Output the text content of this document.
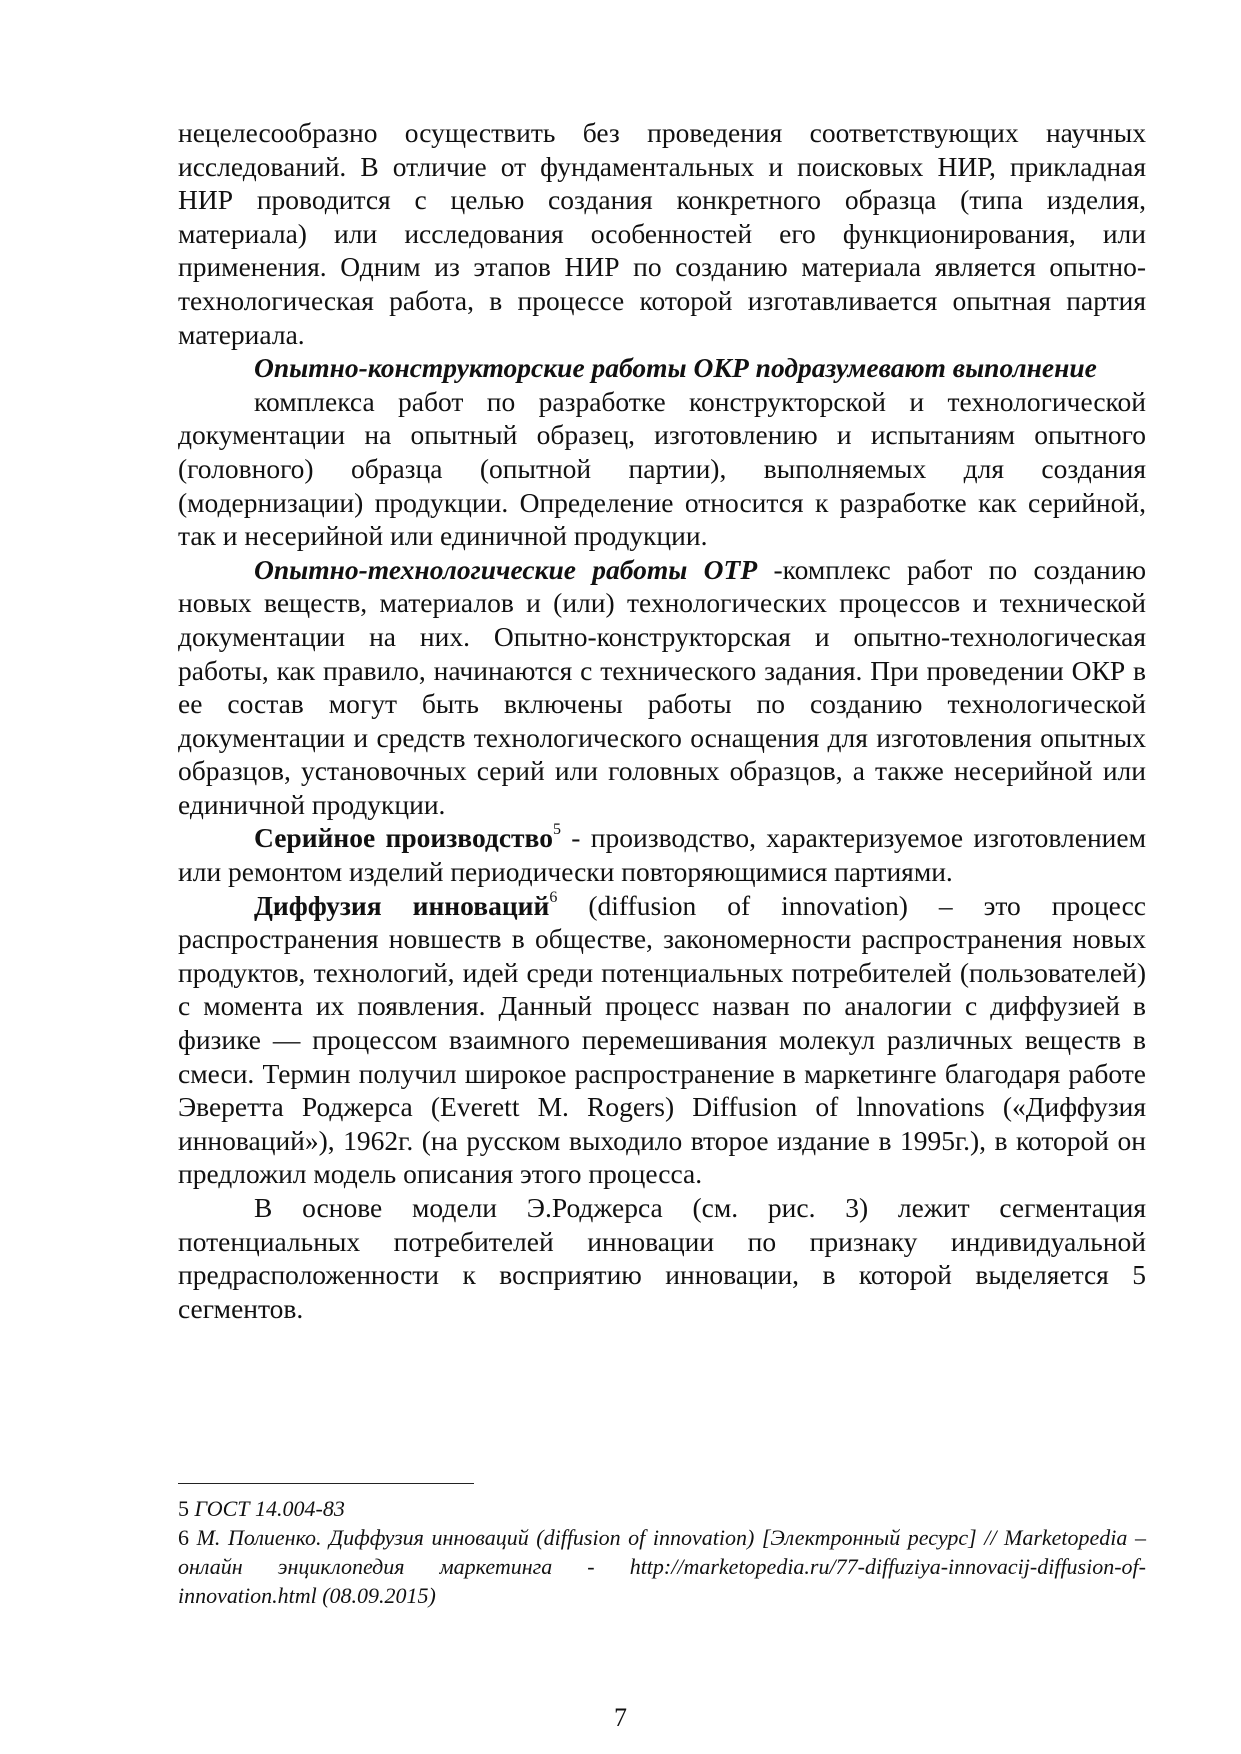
нецелесообразно осуществить без проведения соответствующих научных исследований. В отличие от фундаментальных и поисковых НИР, прикладная НИР проводится с целью создания конкретного образца (типа изделия, материала) или исследования особенностей его функционирования, или применения. Одним из этапов НИР по созданию материала является опытно-технологическая работа, в процессе которой изготавливается опытная партия материала.

Опытно-конструкторские работы ОКР подразумевают выполнение

комплекса работ по разработке конструкторской и технологической документации на опытный образец, изготовлению и испытаниям опытного (головного) образца (опытной партии), выполняемых для создания (модернизации) продукции. Определение относится к разработке как серийной, так и несерийной или единичной продукции.

Опытно-технологические работы ОТР -комплекс работ по созданию новых веществ, материалов и (или) технологических процессов и технической документации на них. Опытно-конструкторская и опытно-технологическая работы, как правило, начинаются с технического задания. При проведении ОКР в ее состав могут быть включены работы по созданию технологической документации и средств технологического оснащения для изготовления опытных образцов, установочных серий или головных образцов, а также несерийной или единичной продукции.

Серийное производство$^5$ - производство, характеризуемое изготовлением или ремонтом изделий периодически повторяющимися партиями.

Диффузия инноваций$^6$ (diffusion of innovation) – это процесс распространения новшеств в обществе, закономерности распространения новых продуктов, технологий, идей среди потенциальных потребителей (пользователей) с момента их появления. Данный процесс назван по аналогии с диффузией в физике — процессом взаимного перемешивания молекул различных веществ в смеси. Термин получил широкое распространение в маркетинге благодаря работе Эверетта Роджерса (Everett M. Rogers) Diffusion of lnnovations («Диффузия инноваций»), 1962г. (на русском выходило второе издание в 1995г.), в которой он предложил модель описания этого процесса.

В основе модели Э.Роджерса (см. рис. 3) лежит сегментация потенциальных потребителей инновации по признаку индивидуальной предрасположенности к восприятию инновации, в которой выделяется 5 сегментов.

5 ГОСТ 14.004-83

6 М. Полиенко. Диффузия инноваций (diffusion of innovation) [Электронный ресурс] // Marketopedia – онлайн энциклопедия маркетинга - http://marketopedia.ru/77-diffuziya-innovacij-diffusion-of-innovation.html (08.09.2015)

7
